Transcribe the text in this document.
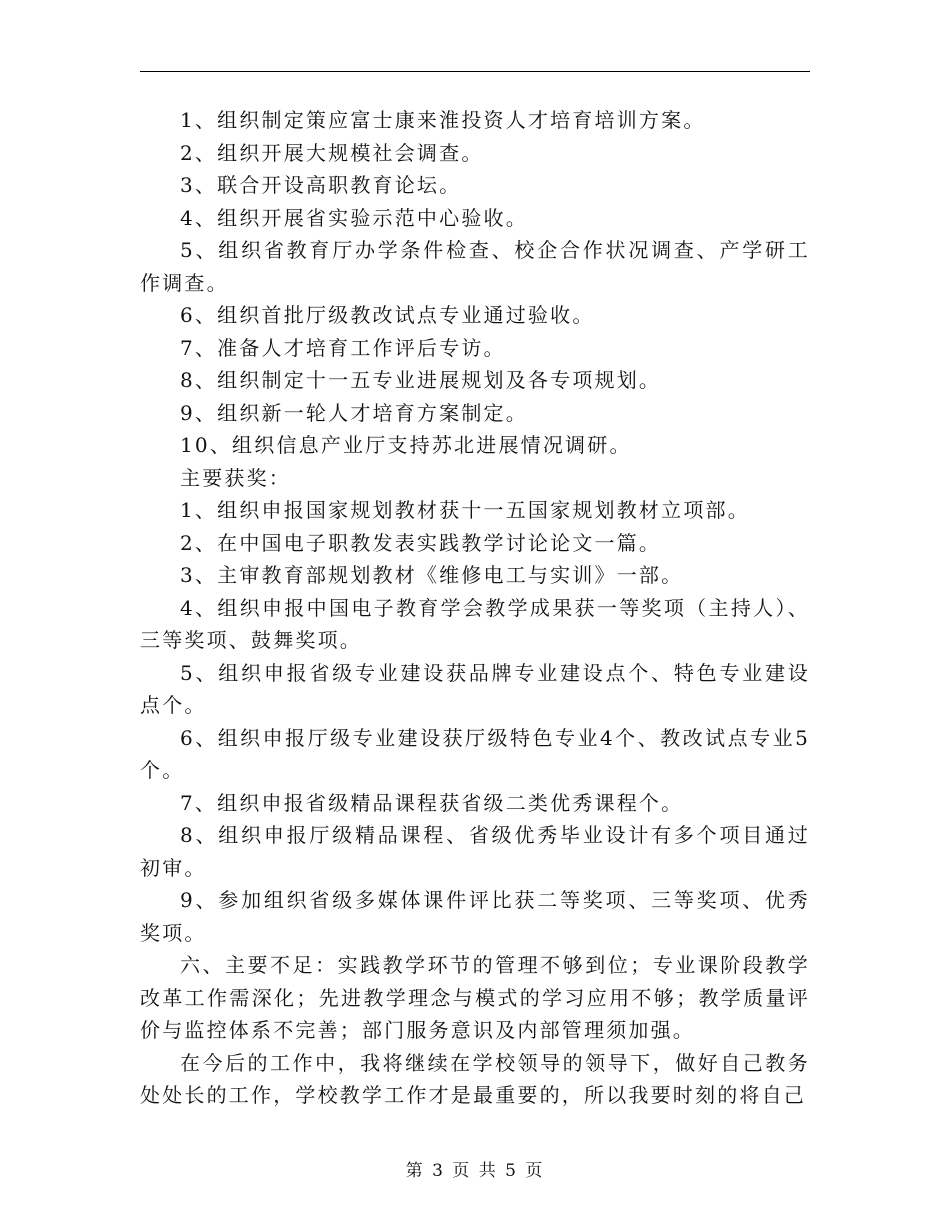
1、组织制定策应富士康来淮投资人才培育培训方案。

2、组织开展大规模社会调查。

3、联合开设高职教育论坛。

4、组织开展省实验示范中心验收。

5、组织省教育厅办学条件检查、校企合作状况调查、产学研工作调查。

6、组织首批厅级教改试点专业通过验收。

7、准备人才培育工作评后专访。

8、组织制定十一五专业进展规划及各专项规划。

9、组织新一轮人才培育方案制定。

10、组织信息产业厅支持苏北进展情况调研。

主要获奖：

1、组织申报国家规划教材获十一五国家规划教材立项部。

2、在中国电子职教发表实践教学讨论论文一篇。

3、主审教育部规划教材《维修电工与实训》一部。

4、组织申报中国电子教育学会教学成果获一等奖项（主持人）、三等奖项、鼓舞奖项。

5、组织申报省级专业建设获品牌专业建设点个、特色专业建设点个。

6、组织申报厅级专业建设获厅级特色专业4个、教改试点专业5个。

7、组织申报省级精品课程获省级二类优秀课程个。

8、组织申报厅级精品课程、省级优秀毕业设计有多个项目通过初审。

9、参加组织省级多媒体课件评比获二等奖项、三等奖项、优秀奖项。

六、主要不足：实践教学环节的管理不够到位；专业课阶段教学改革工作需深化；先进教学理念与模式的学习应用不够；教学质量评价与监控体系不完善；部门服务意识及内部管理须加强。

在今后的工作中，我将继续在学校领导的领导下，做好自己教务处处长的工作，学校教学工作才是最重要的，所以我要时刻的将自己

第 3 页 共 5 页
